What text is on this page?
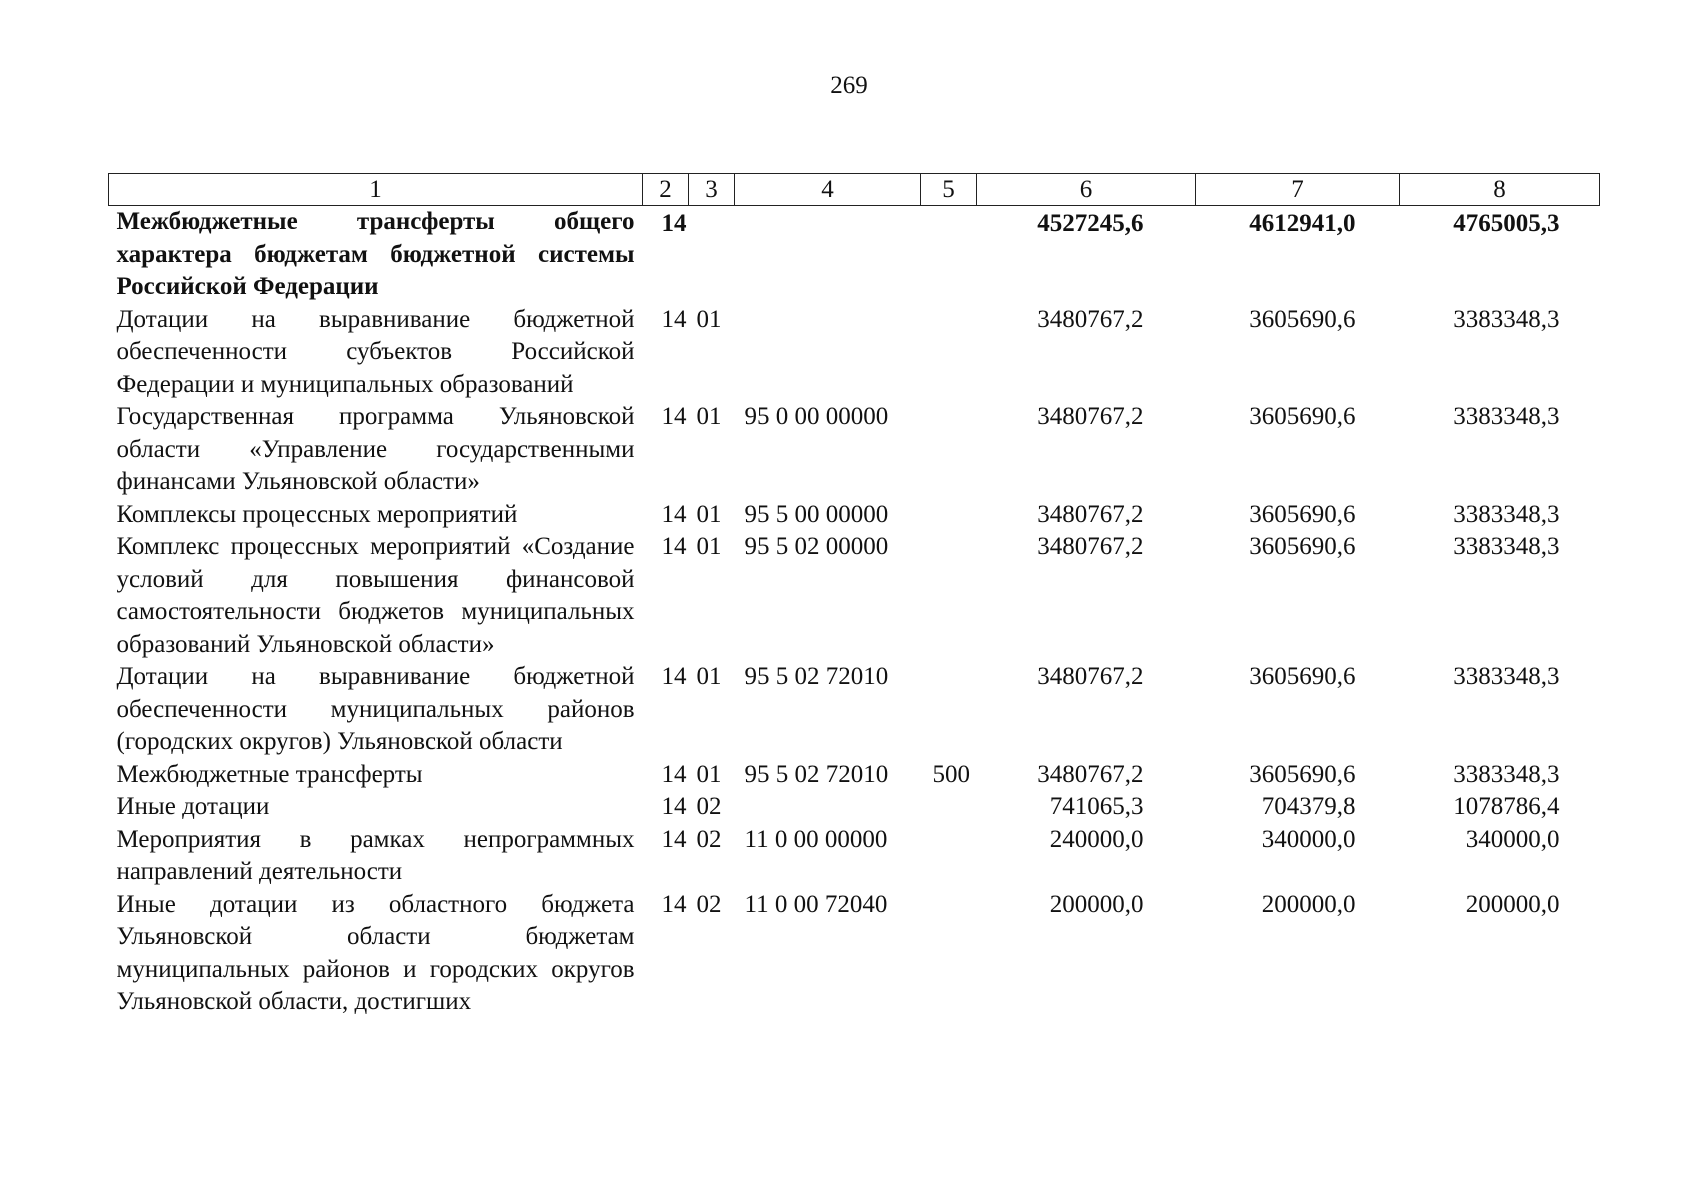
269
1	2	3	4	5	6	7	8
Межбюджетные трансферты общего характера бюджетам бюджетной системы Российской Федерации	14				4527245,6	4612941,0	4765005,3
Дотации на выравнивание бюджетной обеспеченности субъектов Российской Федерации и муниципальных образований	14	01			3480767,2	3605690,6	3383348,3
Государственная программа Ульяновской области «Управление государственными финансами Ульяновской области»	14	01	95 0 00 00000		3480767,2	3605690,6	3383348,3
Комплексы процессных мероприятий	14	01	95 5 00 00000		3480767,2	3605690,6	3383348,3
Комплекс процессных мероприятий «Создание условий для повышения финансовой самостоятельности бюджетов муниципальных образований Ульяновской области»	14	01	95 5 02 00000		3480767,2	3605690,6	3383348,3
Дотации на выравнивание бюджетной обеспеченности муниципальных районов (городских округов) Ульяновской области	14	01	95 5 02 72010		3480767,2	3605690,6	3383348,3
Межбюджетные трансферты	14	01	95 5 02 72010	500	3480767,2	3605690,6	3383348,3
Иные дотации	14	02			741065,3	704379,8	1078786,4
Мероприятия в рамках непрограммных направлений деятельности	14	02	11 0 00 00000		240000,0	340000,0	340000,0
Иные дотации из областного бюджета Ульяновской области бюджетам муниципальных районов и городских округов Ульяновской области, достигших	14	02	11 0 00 72040		200000,0	200000,0	200000,0
